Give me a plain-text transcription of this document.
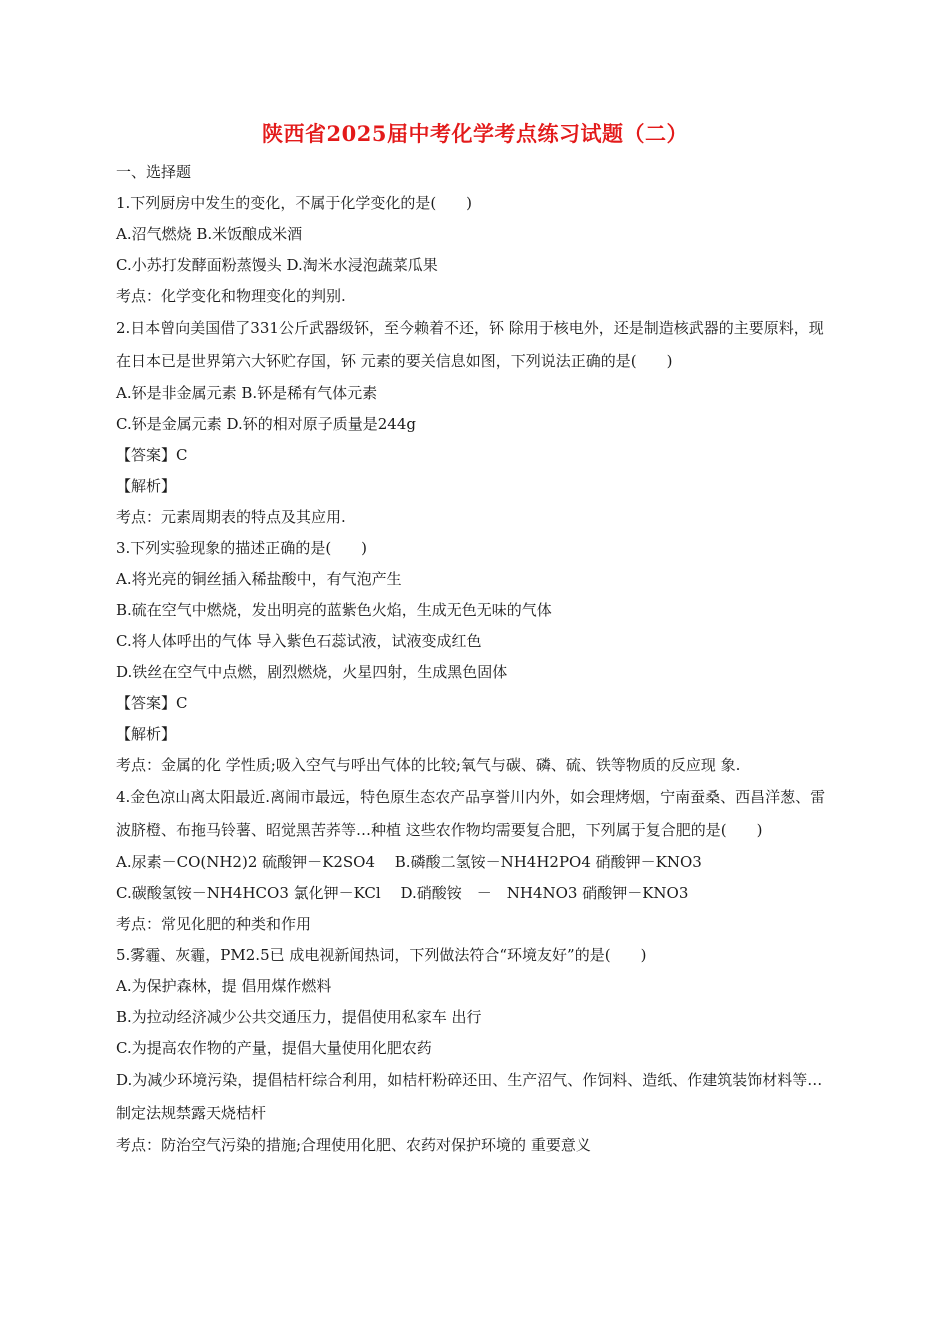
陕西省2025届中考化学考点练习试题（二）
一、选择题
1.下列厨房中发生的变化，不属于化学变化的是(　　)
A.沼气燃烧 B.米饭酿成米酒
C.小苏打发酵面粉蒸馒头 D.淘米水浸泡蔬菜瓜果
考点：化学变化和物理变化的判别.
2.日本曾向美国借了331公斤武器级钚，至今赖着不还，钚 除用于核电外，还是制造核武器的主要原料，现在日本已是世界第六大钚贮存国，钚 元素的要关信息如图，下列说法正确的是(　　)
A.钚是非金属元素 B.钚是稀有气体元素
C.钚是金属元素 D.钚的相对原子质量是244g
【答案】C
【解析】
考点：元素周期表的特点及其应用.
3.下列实验现象的描述正确的是(　　)
A.将光亮的铜丝插入稀盐酸中，有气泡产生
B.硫在空气中燃烧，发出明亮的蓝紫色火焰，生成无色无味的气体
C.将人体呼出的气体 导入紫色石蕊试液，试液变成红色
D.铁丝在空气中点燃，剧烈燃烧，火星四射，生成黑色固体
【答案】C
【解析】
考点：金属的化 学性质;吸入空气与呼出气体的比较;氧气与碳、磷、硫、铁等物质的反应现 象.
4.金色凉山离太阳最近.离闹市最远，特色原生态农产品享誉川内外，如会理烤烟，宁南蚕桑、西昌洋葱、雷波脐橙、布拖马铃薯、昭觉黑苦荞等…种植 这些农作物均需要复合肥，下列属于复合肥的是(　　)
A.尿素－CO(NH2)2 硫酸钾－K2SO4　 B.磷酸二氢铵－NH4H2PO4 硝酸钾－KNO3
C.碳酸氢铵－NH4HCO3 氯化钾－KCl　 D.硝酸铵　－　NH4NO3 硝酸钾－KNO3
考点：常见化肥的种类和作用
5.雾霾、灰霾，PM2.5已 成电视新闻热词，下列做法符合“环境友好”的是(　　)
A.为保护森林，提 倡用煤作燃料
B.为拉动经济减少公共交通压力，提倡使用私家车 出行
C.为提高农作物的产量，提倡大量使用化肥农药
D.为减少环境污染，提倡桔杆综合利用，如桔杆粉碎还田、生产沼气、作饲料、造纸、作建筑装饰材料等…制定法规禁露天烧桔杆
考点：防治空气污染的措施;合理使用化肥、农药对保护环境的 重要意义
